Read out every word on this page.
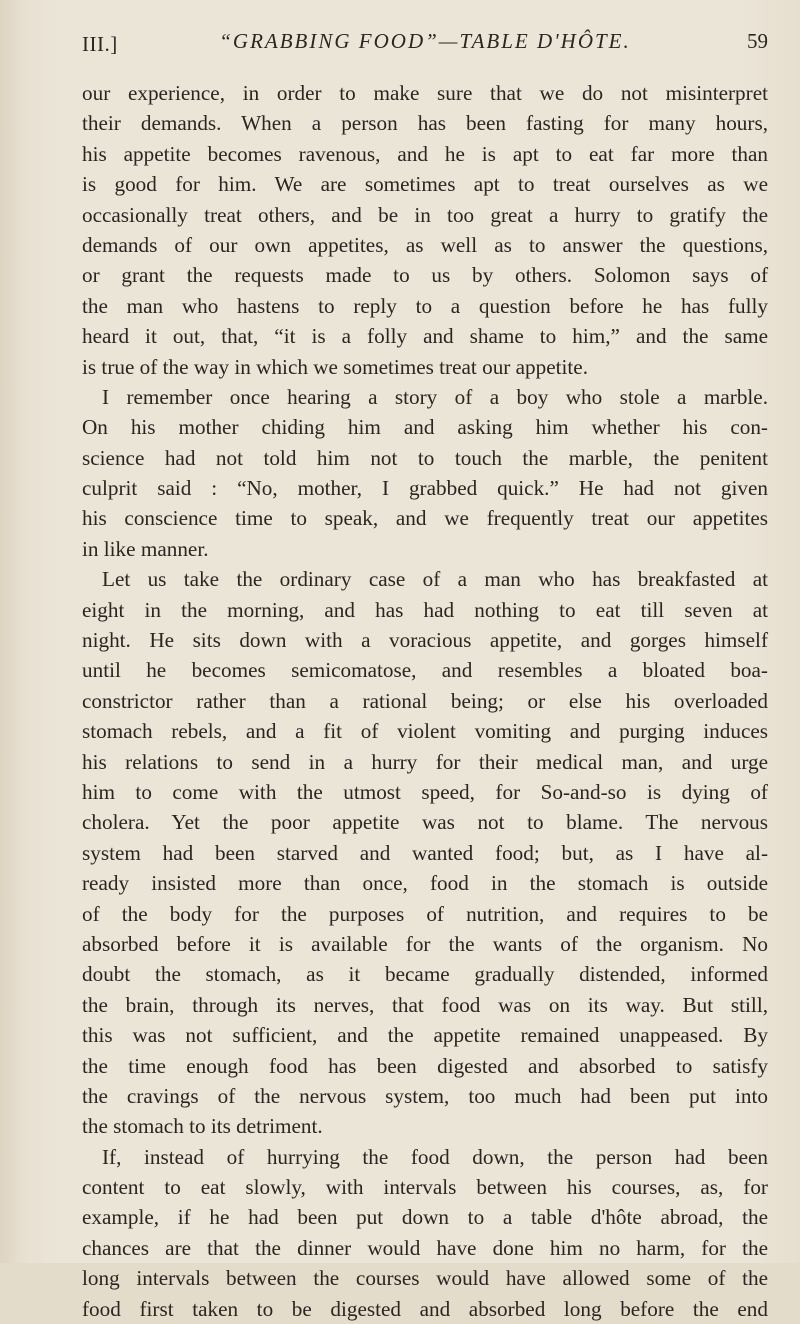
III.]	“GRABBING FOOD”—TABLE D'HÔTE.	59
our experience, in order to make sure that we do not misinterpret
their demands. When a person has been fasting for many hours,
his appetite becomes ravenous, and he is apt to eat far more than
is good for him. We are sometimes apt to treat ourselves as we
occasionally treat others, and be in too great a hurry to gratify the
demands of our own appetites, as well as to answer the questions,
or grant the requests made to us by others. Solomon says of
the man who hastens to reply to a question before he has fully
heard it out, that, “it is a folly and shame to him,” and the same
is true of the way in which we sometimes treat our appetite.
I remember once hearing a story of a boy who stole a marble.
On his mother chiding him and asking him whether his con-
science had not told him not to touch the marble, the penitent
culprit said : “No, mother, I grabbed quick.” He had not given
his conscience time to speak, and we frequently treat our appetites
in like manner.
Let us take the ordinary case of a man who has breakfasted at
eight in the morning, and has had nothing to eat till seven at
night. He sits down with a voracious appetite, and gorges himself
until he becomes semicomatose, and resembles a bloated boa-
constrictor rather than a rational being; or else his overloaded
stomach rebels, and a fit of violent vomiting and purging induces
his relations to send in a hurry for their medical man, and urge
him to come with the utmost speed, for So-and-so is dying of
cholera. Yet the poor appetite was not to blame. The nervous
system had been starved and wanted food; but, as I have al-
ready insisted more than once, food in the stomach is outside
of the body for the purposes of nutrition, and requires to be
absorbed before it is available for the wants of the organism. No
doubt the stomach, as it became gradually distended, informed
the brain, through its nerves, that food was on its way. But still,
this was not sufficient, and the appetite remained unappeased. By
the time enough food has been digested and absorbed to satisfy
the cravings of the nervous system, too much had been put into
the stomach to its detriment.
If, instead of hurrying the food down, the person had been
content to eat slowly, with intervals between his courses, as, for
example, if he had been put down to a table d'hôte abroad, the
chances are that the dinner would have done him no harm, for the
long intervals between the courses would have allowed some of the
food first taken to be digested and absorbed long before the end
